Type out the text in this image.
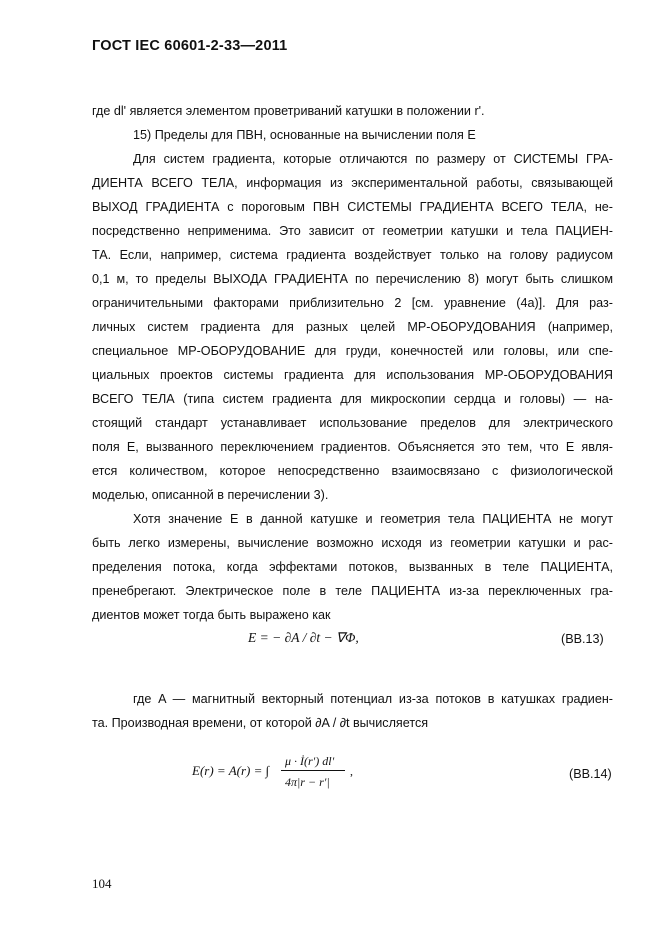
ГОСТ IEC 60601-2-33—2011
где dl' является элементом проветриваний катушки в положении r'.
15) Пределы для ПВН, основанные на вычислении поля E
Для систем градиента, которые отличаются по размеру от СИСТЕМЫ ГРА-
ДИЕНТА ВСЕГО ТЕЛА, информация из экспериментальной работы, связывающей
ВЫХОД ГРАДИЕНТА с пороговым ПВН СИСТЕМЫ ГРАДИЕНТА ВСЕГО ТЕЛА, не-
посредственно неприменима. Это зависит от геометрии катушки и тела ПАЦИЕН-
ТА. Если, например, система градиента воздействует только на голову радиусом
0,1 м, то пределы ВЫХОДА ГРАДИЕНТА по перечислению 8) могут быть слишком
ограничительными факторами приблизительно 2 [см. уравнение (4а)]. Для раз-
личных систем градиента для разных целей МР-ОБОРУДОВАНИЯ (например,
специальное МР-ОБОРУДОВАНИЕ для груди, конечностей или головы, или спе-
циальных проектов системы градиента для использования МР-ОБОРУДОВАНИЯ
ВСЕГО ТЕЛА (типа систем градиента для микроскопии сердца и головы) — на-
стоящий стандарт устанавливает использование пределов для электрического
поля E, вызванного переключением градиентов. Объясняется это тем, что E явля-
ется количеством, которое непосредственно взаимосвязано с физиологической
моделью, описанной в перечислении 3).
Хотя значение E в данной катушке и геометрия тела ПАЦИЕНТА не могут
быть легко измерены, вычисление возможно исходя из геометрии катушки и рас-
пределения потока, когда эффектами потоков, вызванных в теле ПАЦИЕНТА,
пренебрегают. Электрическое поле в теле ПАЦИЕНТА из-за переключенных гра-
диентов может тогда быть выражено как
E = − ∂A / ∂t − ∇Φ,	(ВВ.13)
где A — магнитный векторный потенциал из-за потоков в катушках градиен-
та. Производная времени, от которой ∂A / ∂t вычисляется
E(r) = A(r) = ∫
μ · İ(r') dl'
4π|r − r'|
,	(ВВ.14)
104
